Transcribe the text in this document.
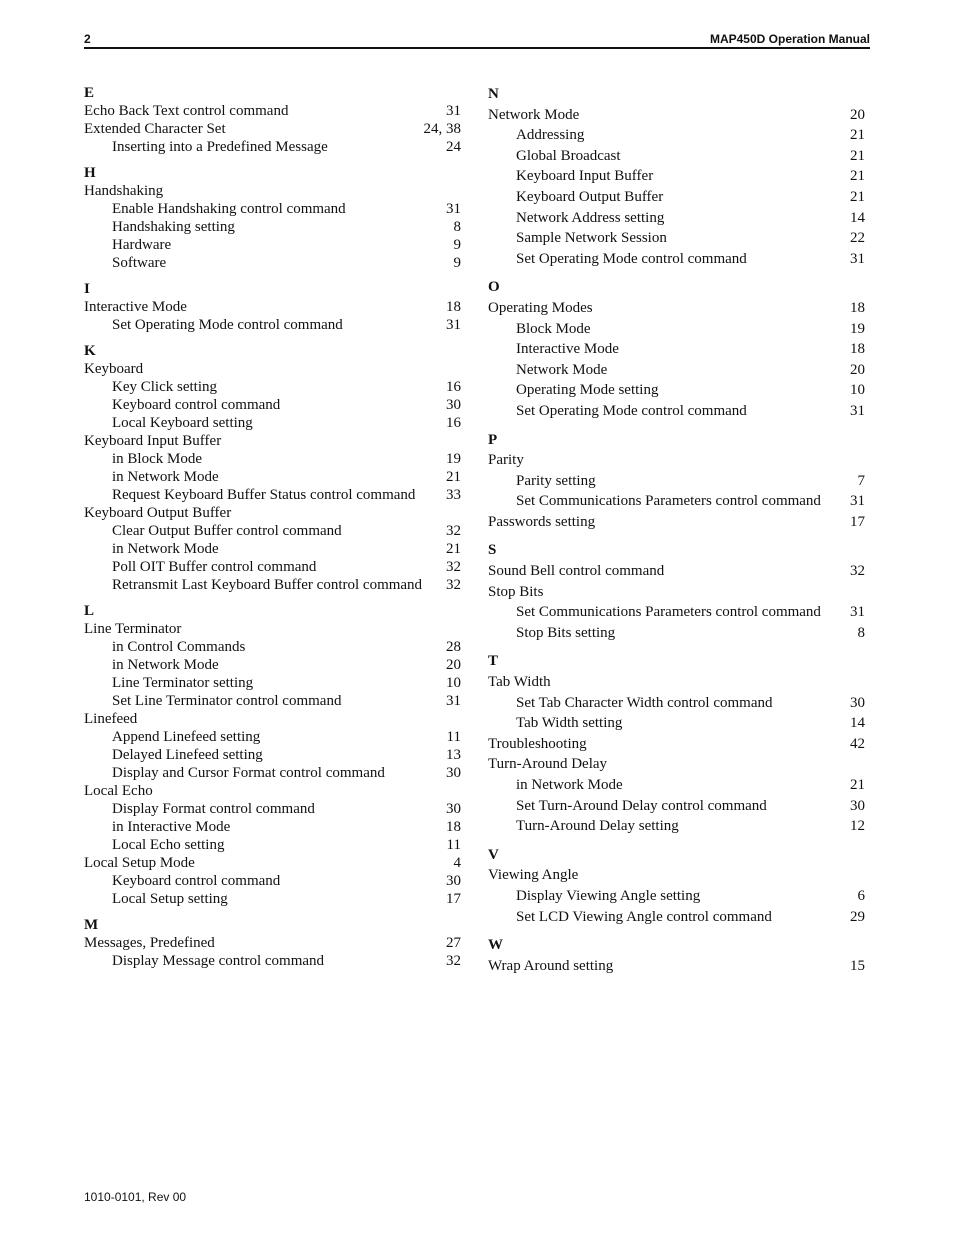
2	MAP450D Operation Manual
E
Echo Back Text control command	31
Extended Character Set	24, 38
Inserting into a Predefined Message	24
H
Handshaking
Enable Handshaking control command	31
Handshaking setting	8
Hardware	9
Software	9
I
Interactive Mode	18
Set Operating Mode control command	31
K
Keyboard
Key Click setting	16
Keyboard control command	30
Local Keyboard setting	16
Keyboard Input Buffer
in Block Mode	19
in Network Mode	21
Request Keyboard Buffer Status control command 33
Keyboard Output Buffer
Clear Output Buffer control command	32
in Network Mode	21
Poll OIT Buffer control command	32
Retransmit Last Keyboard Buffer control command 32
L
Line Terminator
in Control Commands	28
in Network Mode	20
Line Terminator setting	10
Set Line Terminator control command	31
Linefeed
Append Linefeed setting	11
Delayed Linefeed setting	13
Display and Cursor Format control command	30
Local Echo
Display Format control command	30
in Interactive Mode	18
Local Echo setting	11
Local Setup Mode	4
Keyboard control command	30
Local Setup setting	17
M
Messages, Predefined	27
Display Message control command	32
N
Network Mode	20
Addressing	21
Global Broadcast	21
Keyboard Input Buffer	21
Keyboard Output Buffer	21
Network Address setting	14
Sample Network Session	22
Set Operating Mode control command	31
O
Operating Modes	18
Block Mode	19
Interactive Mode	18
Network Mode	20
Operating Mode setting	10
Set Operating Mode control command	31
P
Parity
Parity setting	7
Set Communications Parameters control command 31
Passwords setting	17
S
Sound Bell control command	32
Stop Bits
Set Communications Parameters control command 31
Stop Bits setting	8
T
Tab Width
Set Tab Character Width control command	30
Tab Width setting	14
Troubleshooting	42
Turn-Around Delay
in Network Mode	21
Set Turn-Around Delay control command	30
Turn-Around Delay setting	12
V
Viewing Angle
Display Viewing Angle setting	6
Set LCD Viewing Angle control command	29
W
Wrap Around setting	15
1010-0101, Rev 00
